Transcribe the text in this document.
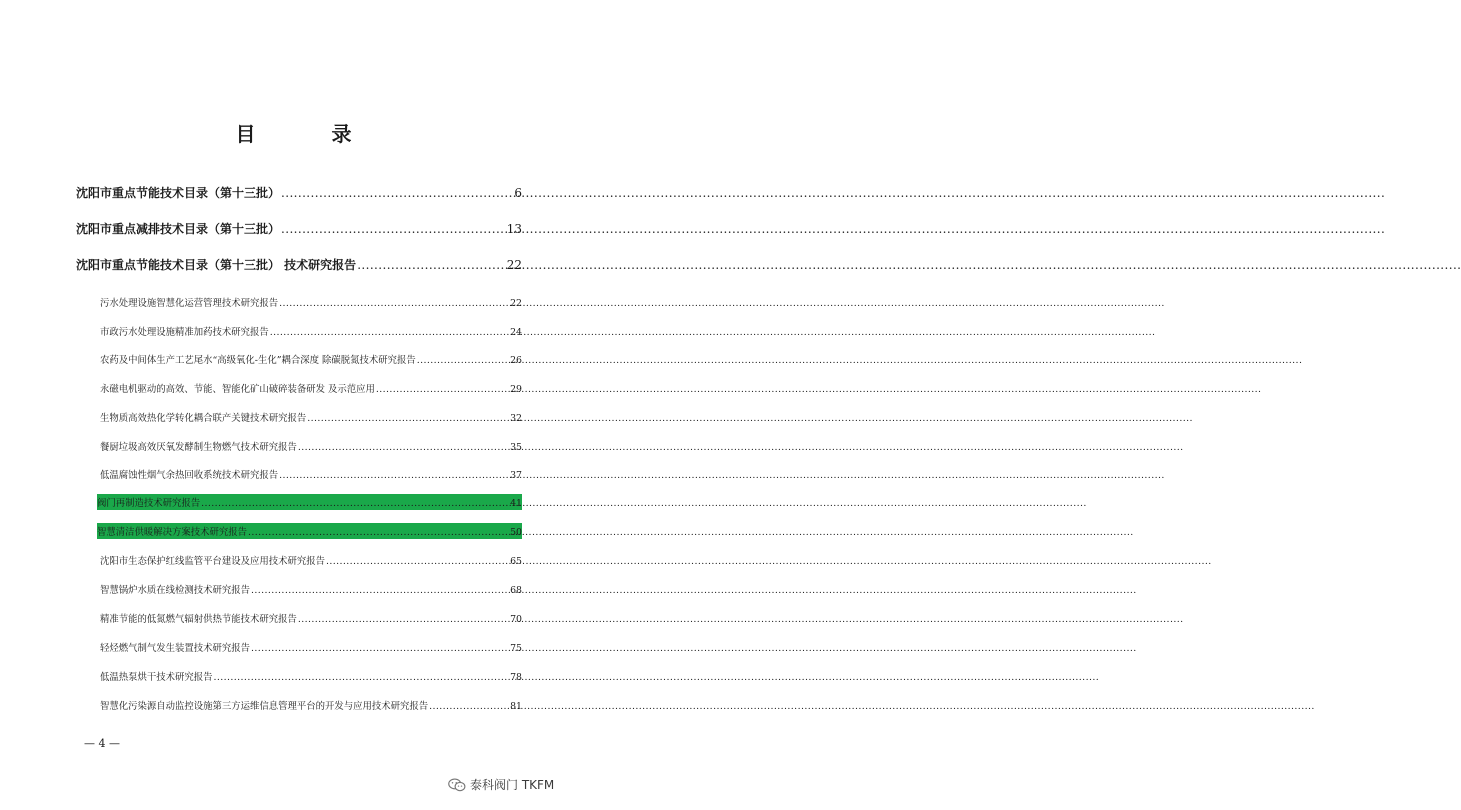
目　录
沈阳市重点节能技术目录（第十三批） .....	6
沈阳市重点减排技术目录（第十三批） .....	13
沈阳市重点节能技术目录（第十三批） 技术研究报告 .....	22
污水处理设施智慧化运营管理技术研究报告 .....	22
市政污水处理设施精准加药技术研究报告 .....	24
农药及中间体生产工艺尾水“高级氧化-生化”耦合深度 除碳脱氮技术研究报告 .....	26
永磁电机驱动的高效、节能、智能化矿山破碎装备研发 及示范应用 .....	29
生物质高效热化学转化耦合联产关键技术研究报告 .....	32
餐厨垃圾高效厌氧发酵制生物燃气技术研究报告 .....	35
低温腐蚀性烟气余热回收系统技术研究报告 .....	37
阀门再制造技术研究报告 .....	41
智慧清洁供暖解决方案技术研究报告 .....	50
沈阳市生态保护红线监管平台建设及应用技术研究报告 .....	65
智慧锅炉水质在线检测技术研究报告 .....	68
精准节能的低氮燃气辐射供热节能技术研究报告 .....	70
轻烃燃气制气发生装置技术研究报告 .....	75
低温热泵烘干技术研究报告 .....	78
智慧化污染源自动监控设施第三方运维信息管理平台的开发与应用技术研究报告 .....	81
— 4 —
泰科阀门 TKFM
